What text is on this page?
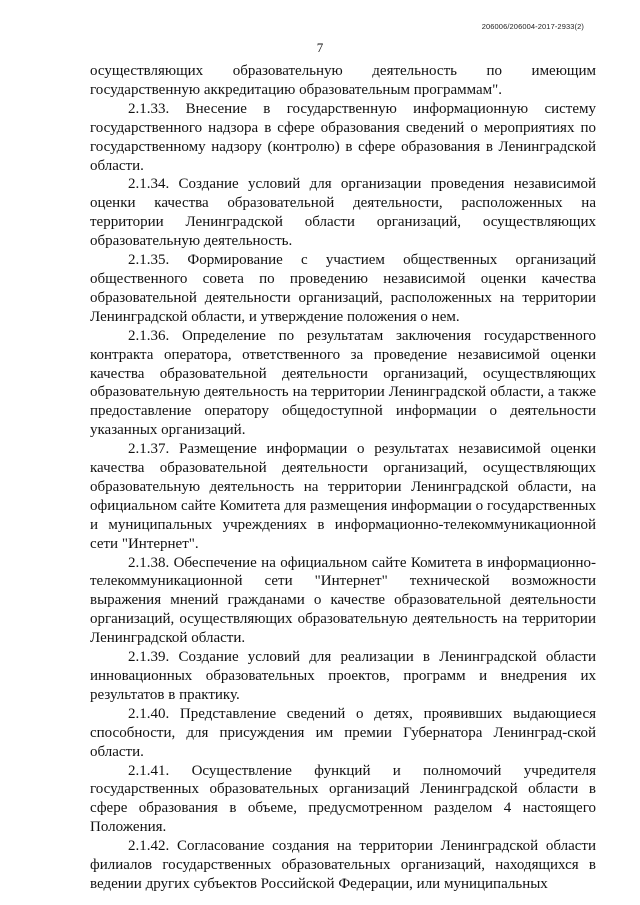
206006/206004-2017-2933(2)
7

осуществляющих образовательную деятельность по имеющим государственную аккредитацию образовательным программам".

2.1.33. Внесение в государственную информационную систему государственного надзора в сфере образования сведений о мероприятиях по государственному надзору (контролю) в сфере образования в Ленинградской области.

2.1.34. Создание условий для организации проведения независимой оценки качества образовательной деятельности, расположенных на территории Ленинградской области организаций, осуществляющих образовательную деятельность.

2.1.35. Формирование с участием общественных организаций общественного совета по проведению независимой оценки качества образовательной деятельности организаций, расположенных на территории Ленинградской области, и утверждение положения о нем.

2.1.36. Определение по результатам заключения государственного контракта оператора, ответственного за проведение независимой оценки качества образовательной деятельности организаций, осуществляющих образовательную деятельность на территории Ленинградской области, а также предоставление оператору общедоступной информации о деятельности указанных организаций.

2.1.37. Размещение информации о результатах независимой оценки качества образовательной деятельности организаций, осуществляющих образовательную деятельность на территории Ленинградской области, на официальном сайте Комитета для размещения информации о государственных и муниципальных учреждениях в информационно-телекоммуникационной сети "Интернет".

2.1.38. Обеспечение на официальном сайте Комитета в информационно-телекоммуникационной сети "Интернет" технической возможности выражения мнений гражданами о качестве образовательной деятельности организаций, осуществляющих образовательную деятельность на территории Ленинградской области.

2.1.39. Создание условий для реализации в Ленинградской области инновационных образовательных проектов, программ и внедрения их результатов в практику.

2.1.40. Представление сведений о детях, проявивших выдающиеся способности, для присуждения им премии Губернатора Ленинград-ской области.

2.1.41. Осуществление функций и полномочий учредителя государственных образовательных организаций Ленинградской области в сфере образования в объеме, предусмотренном разделом 4 настоящего Положения.

2.1.42. Согласование создания на территории Ленинградской области филиалов государственных образовательных организаций, находящихся в ведении других субъектов Российской Федерации, или муниципальных
